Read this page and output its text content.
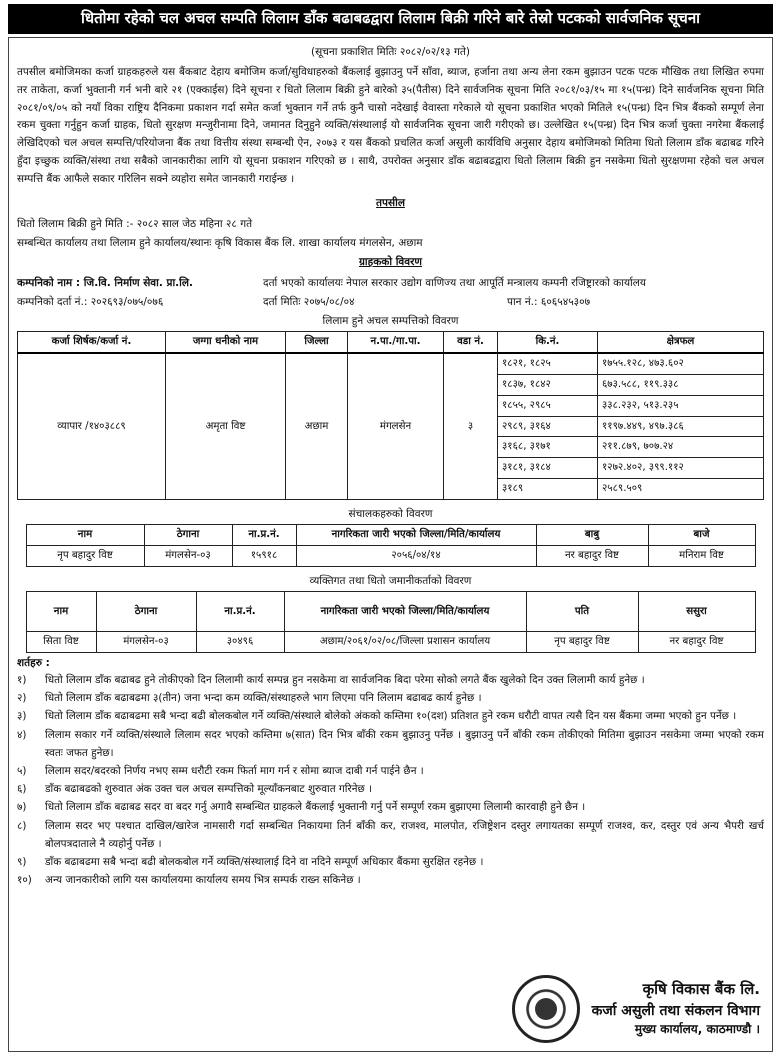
धितोमा रहेको चल अचल सम्पति लिलाम डाँक बढाबढद्वारा लिलाम बिक्री गरिने बारे तेस्रो पटकको सार्वजनिक सूचना
(सूचना प्रकाशित मितिः २०८२/०२/१३ गते)
तपसील बमोजिमका कर्जा ग्राहकहरुले यस बैंकबाट देहाय बमोजिम कर्जा/सुविधाहरुको बैंकलाई बुझाउनु पर्ने साँवा, ब्याज, हर्जाना तथा अन्य लेना रकम बुझाउन पटक पटक मौखिक तथा लिखित रुपमा तर ताकेता, कर्जा भुक्तानी गर्न भनी बारे २१ (एक्काईस) दिने सूचना र धितो लिलाम बिक्री हुने बारेको ३५(पैतीस) दिने सार्वजनिक सूचना मिति २०८१/०३/१५ मा १५(पन्ध्र) दिने सार्वजनिक सूचना मिति २०८१/०९/०५ को नयाँ विका राष्ट्रिय दैनिकमा प्रकाशन गर्दा समेत कर्जा भुक्तान गर्ने तर्फ कुनै चासो नदेखाई वेवास्ता गरेकाले यो सूचना प्रकाशित भएको मितिले १५(पन्ध्र) दिन भित्र बैंकको सम्पूर्ण लेना रकम चुक्ता गर्नुहुन कर्जा ग्राहक, धितो सुरक्षण मन्जुरीनामा दिने, जमानत दिनुहुने व्यक्ति/संस्थालाई यो सार्वजनिक सूचना जारी गरीएको छ। उल्लेखित १५(पन्ध्र) दिन भित्र कर्जा चुक्ता नगरेमा बैंकलाई लेखिदिएको चल अचल सम्पत्ति/परियोजना बैंक तथा वित्तीय संस्था सम्बन्धी ऐन, २०७३ र यस बैंकको प्रचलित कर्जा असुली कार्यविधि अनुसार देहाय बमोजिमको मितिमा धितो लिलाम डाँक बढाबढ गरिने हुँदा इच्छुक व्यक्ति/संस्था तथा सबैको जानकारीका लागि यो सूचना प्रकाशन गरिएको छ । साथै, उपरोक्त अनुसार डाँक बढाबढद्वारा धितो लिलाम बिक्री हुन नसकेमा धितो सुरक्षणमा रहेको चल अचल सम्पत्ति बैंक आफैले सकार गरिलिन सक्ने व्यहोरा समेत जानकारी गराईन्छ ।
तपसील
धितो लिलाम बिक्री हुने मिति :- २०८२ साल जेठ महिना २८ गते
सम्बन्धित कार्यालय तथा लिलाम हुने कार्यालय/स्थानः कृषि विकास बैंक लि. शाखा कार्यालय मंगलसेन, अछाम
ग्राहकको विवरण
कम्पनिको नाम : जि.वि. निर्माण सेवा. प्रा.लि.	दर्ता भएको कार्यालयः नेपाल सरकार उद्योग वाणिज्य तथा आपूर्ति मन्त्रालय कम्पनी रजिष्ट्रारको कार्यालय
कम्पनिको दर्ता नं.: २०२६९३/०७५/०७६	दर्ता मितिः २०७५/०८/०४	पान नं.: ६०६५४५३०७
लिलाम हुने अचल सम्पत्तिको विवरण
कर्जा शिर्षक/कर्जा नं.	जग्गा धनीको नाम	जिल्ला	न.पा./गा.पा.	वडा नं.	कि.नं.	क्षेत्रफल
व्यापार /१४०३८८९	अमृता विष्ट	अछाम	मंगलसेन	३	१८२१, १८२५	१७५५.१२८, ४७३.६०२
					१८३७, १८४२	६७३.५८८, ११९.३३८
					१८५५, २९८५	३३८.२३२, ५१३.२३५
					२९८९, ३१६४	११९७.४४९, ४९७.३८६
					३१६८, ३१७१	२११.८७९, ७०७.२४
					३१८१, ३१८४	१२७२.४०२, ३९९.११२
					३१८९	२५८९.५०९
संचालकहरुको विवरण
नाम	ठेगाना	ना.प्र.नं.	नागरिकता जारी भएको जिल्ला/मिति/कार्यालय	बाबु	बाजे
नृप बहादुर विष्ट	मंगलसेन-०३	१५९१८	२०५६/०४/१४	नर बहादुर विष्ट	मनिराम विष्ट
व्यक्तिगत तथा धितो जमानीकर्ताको विवरण
नाम	ठेगाना	ना.प्र.नं.	नागरिकता जारी भएको जिल्ला/मिति/कार्यालय	पति	ससुरा
सिता विष्ट	मंगलसेन-०३	३०४९६	अछाम/२०६१/०२/०८/जिल्ला प्रशासन कार्यालय	नृप बहादुर विष्ट	नर बहादुर विष्ट
शर्तहरु :
१)	धितो लिलाम डाँक बढाबढ हुने तोकीएको दिन लिलामी कार्य सम्पन्न हुन नसकेमा वा सार्वजनिक बिदा परेमा सोको लगते बैंक खुलेको दिन उक्त लिलामी कार्य हुनेछ ।
२)	धितो लिलाम डाँक बढाबढमा ३(तीन) जना भन्दा कम व्यक्ति/संस्थाहरुले भाग लिएमा पनि लिलाम बढाबढ कार्य हुनेछ ।
३)	धितो लिलाम डाँक बढाबढमा सबै भन्दा बढी बोलकबोल गर्ने व्यक्ति/संस्थाले बोलेको अंकको कम्तिमा १०(दश) प्रतिशत हुने रकम धरौटी वापत त्यसै दिन यस बैंकमा जम्मा भएको हुन पर्नेछ ।
४)	लिलाम सकार गर्ने व्यक्ति/संस्थाले लिलाम सदर भएको कम्तिमा ७(सात) दिन भित्र बाँकी रकम बुझाउनु पर्नेछ । बुझाउनु पर्ने बाँकी रकम तोकीएको मितिमा बुझाउन नसकेमा जम्मा भएको रकम स्वतः जफत हुनेछ।
५)	लिलाम सदर/बदरको निर्णय नभए सम्म धरौटी रकम फिर्ता माग गर्न र सोमा ब्याज दाबी गर्न पाईने छैन ।
६)	डाँक बढाबढको शुरुवात अंक उक्त चल अचल सम्पत्तिको मूल्याँकनबाट शुरुवात गरिनेछ ।
७)	धितो लिलाम डाँक बढाबढ सदर वा बदर गर्नु अगावै सम्बन्धित ग्राहकले बैंकलाई भुक्तानी गर्नु पर्ने सम्पूर्ण रकम बुझाएमा लिलामी कारवाही हुने छैन ।
८)	लिलाम सदर भए पश्चात दाखिल/खारेज नामसारी गर्दा सम्बन्धित निकायमा तिर्न बाँकी कर, राजश्व, मालपोत, रजिष्ट्रेशन दस्तुर लगायतका सम्पूर्ण राजश्व, कर, दस्तुर एवं अन्य भैपरी खर्च बोलपत्रदाताले नै व्यहोर्नु पर्नेछ ।
९)	डाँक बढाबढमा सबै भन्दा बढी बोलकबोल गर्ने व्यक्ति/संस्थालाई दिने वा नदिने सम्पूर्ण अधिकार बैंकमा सुरक्षित रहनेछ ।
१०)	अन्य जानकारीको लागि यस कार्यालयमा कार्यालय समय भित्र सम्पर्क राख्न सकिनेछ ।
कृषि विकास बैंक लि.
कर्जा असुली तथा संकलन विभाग
मुख्य कार्यालय, काठमाण्डौ ।
